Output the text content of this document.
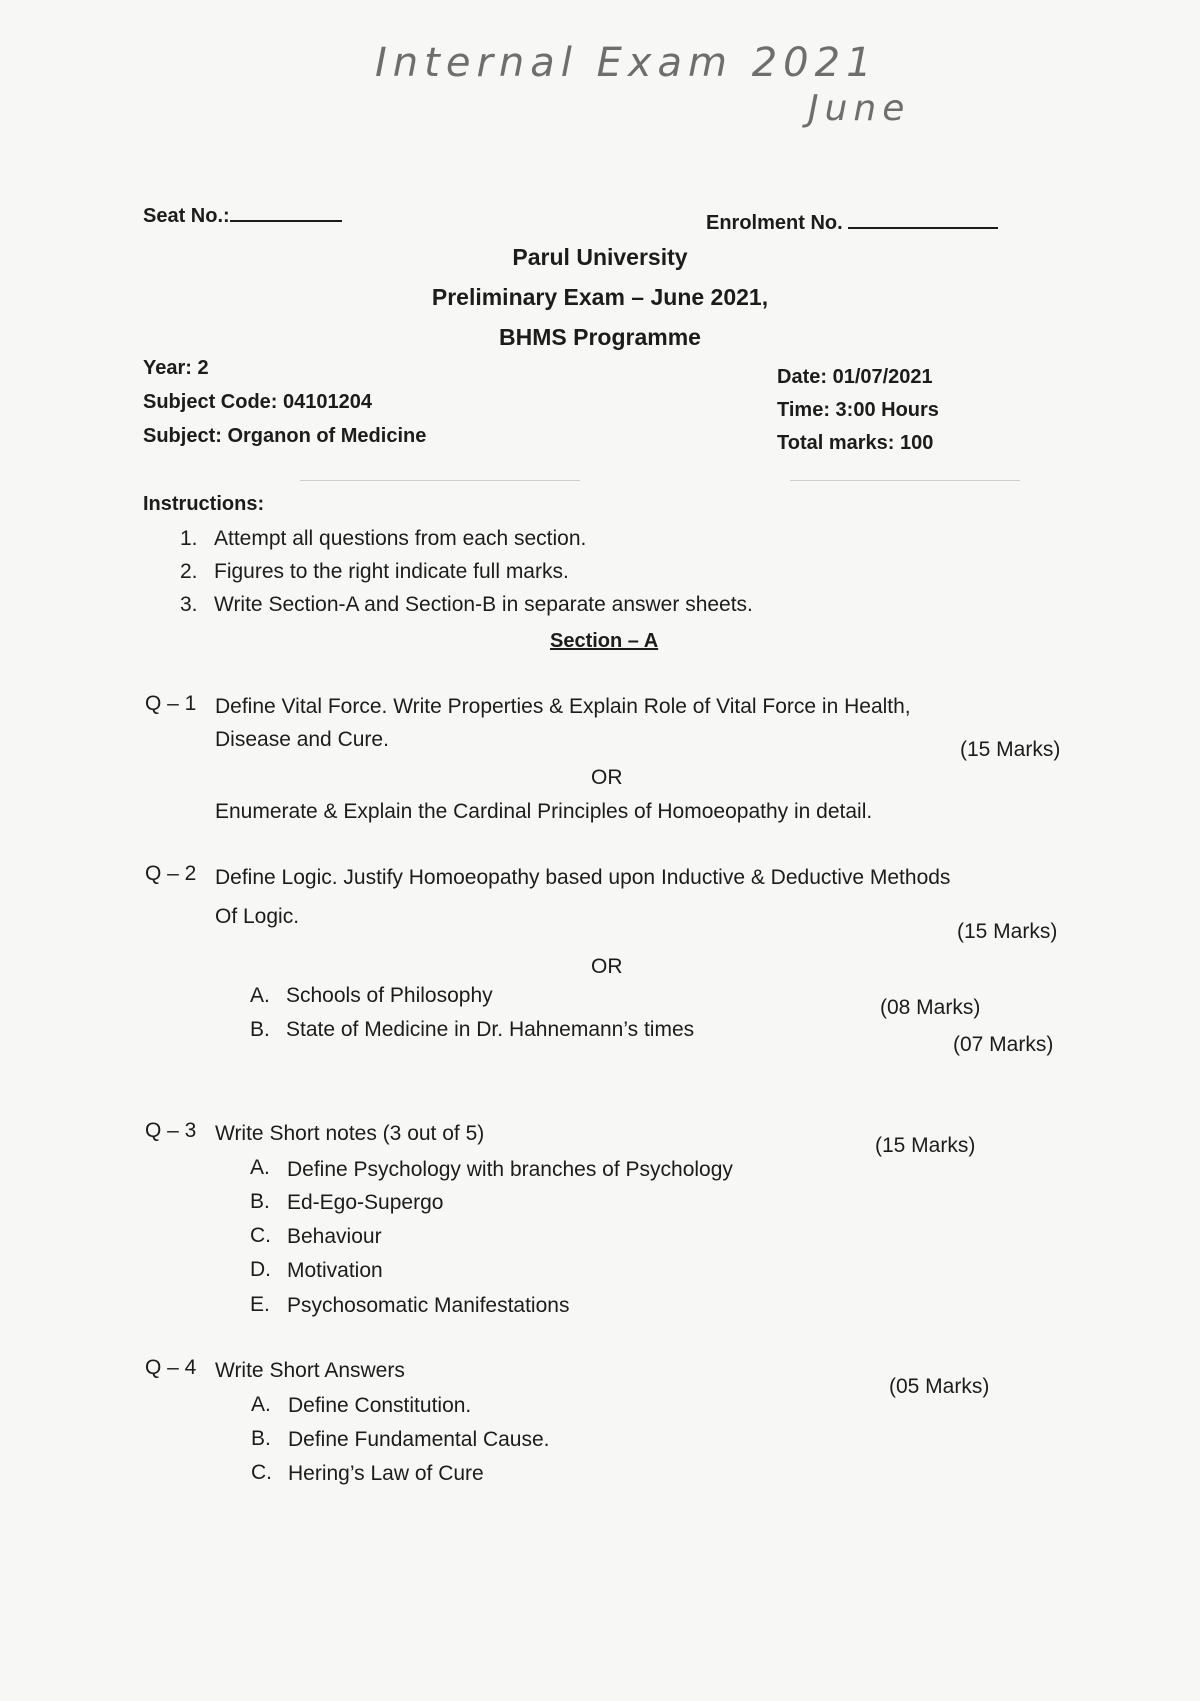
Internal Exam 2021
June
Seat No.:	Enrolment No.
Parul University
Preliminary Exam – June 2021,
BHMS Programme
Year: 2
Subject Code: 04101204
Subject: Organon of Medicine
Date: 01/07/2021
Time: 3:00 Hours
Total marks: 100
Instructions:
1. Attempt all questions from each section.
2. Figures to the right indicate full marks.
3. Write Section-A and Section-B in separate answer sheets.
Section – A
Q – 1 Define Vital Force. Write Properties & Explain Role of Vital Force in Health,
Disease and Cure.	(15 Marks)
OR
Enumerate & Explain the Cardinal Principles of Homoeopathy in detail.
Q – 2 Define Logic. Justify Homoeopathy based upon Inductive & Deductive Methods
Of Logic.
(15 Marks)
OR
A. Schools of Philosophy
(08 Marks)
B. State of Medicine in Dr. Hahnemann’s times
(07 Marks)
Q – 3 Write Short notes (3 out of 5)
(15 Marks)
A. Define Psychology with branches of Psychology
B. Ed-Ego-Supergo
C. Behaviour
D. Motivation
E. Psychosomatic Manifestations
Q – 4 Write Short Answers
(05 Marks)
A. Define Constitution.
B. Define Fundamental Cause.
C. Hering’s Law of Cure
